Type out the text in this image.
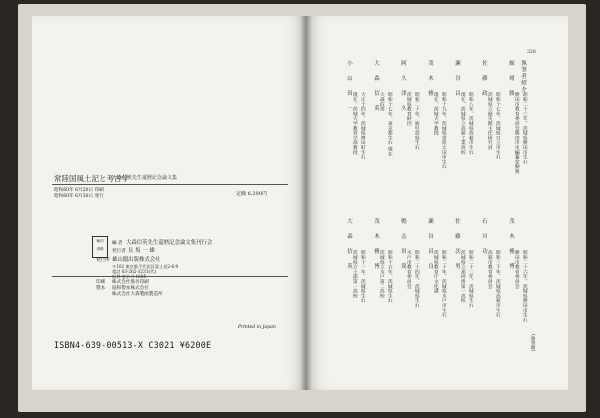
常陸国風土記と考古学
大森信英先生還暦記念論文集
昭和60年 6月20日 印刷
昭和60年 6月30日 発行	定価 6,200円
検印
省略
編 者 大森信英先生還暦記念論文集刊行会
発行者 長 坂 一 雄
発行所 雄山閣出版株式会社
〒102 東京都千代田区富士見2-6-9
電話 03-262-3231(代)
振替 東京 3-1685
印刷 株式会社熊谷印刷
製本 協和製本株式会社
株式会社大森製函製造所
Printed in Japan
ISBN4-639-00513-X C3021 ¥6200E
328
執筆者紹介
鯨 岡 勝
佐 藤 政
瀬 谷 昌
茂 木 雅
阿 久 津 久
大 森 信 英
小 山 田 一
昭和二十三年、茨城県勝田市生れ
勝田市教育委員会勝田市史編纂室勤務
昭和十七年、茨城県日立市生れ
茨城県立歴史館主任研究員
昭和八年、茨城県高萩市生れ
現在、茨城県立高萩工業高校
昭和十九年、茨城県常陸太田市生れ
現在、茨城大学教授
昭和二十年、鹿児島県生れ
茨城県教育財団
昭和十七年、東京都生れ 現在
大森信英
大正十四年、茨城県鉾田町生れ
現在、茨城大学教育学部教授
茂 木 雅 博
石 川 功
佐 藤 次 男
瀬 谷 昌 良
鴨 志 田 篤
茂 木 雅 博
大 森 信 英
昭和二十六年、茨城県勝田市生れ
勝田市教育委員会
昭和三十年、茨城県高萩市生れ
高萩市教育委員会
昭和二十二年、茨城県生れ
茨城県立那珂湊第一高校
昭和二十年、茨城県水戸市生れ
茨城県教育庁文化課
昭和二十四年、茨城県生れ
水戸市教育委員会
昭和十五年、茨城県生れ
茨城県立水戸第二高校
昭和十一年、茨城県生れ
茨城県立土浦第一高校
(執筆順)
